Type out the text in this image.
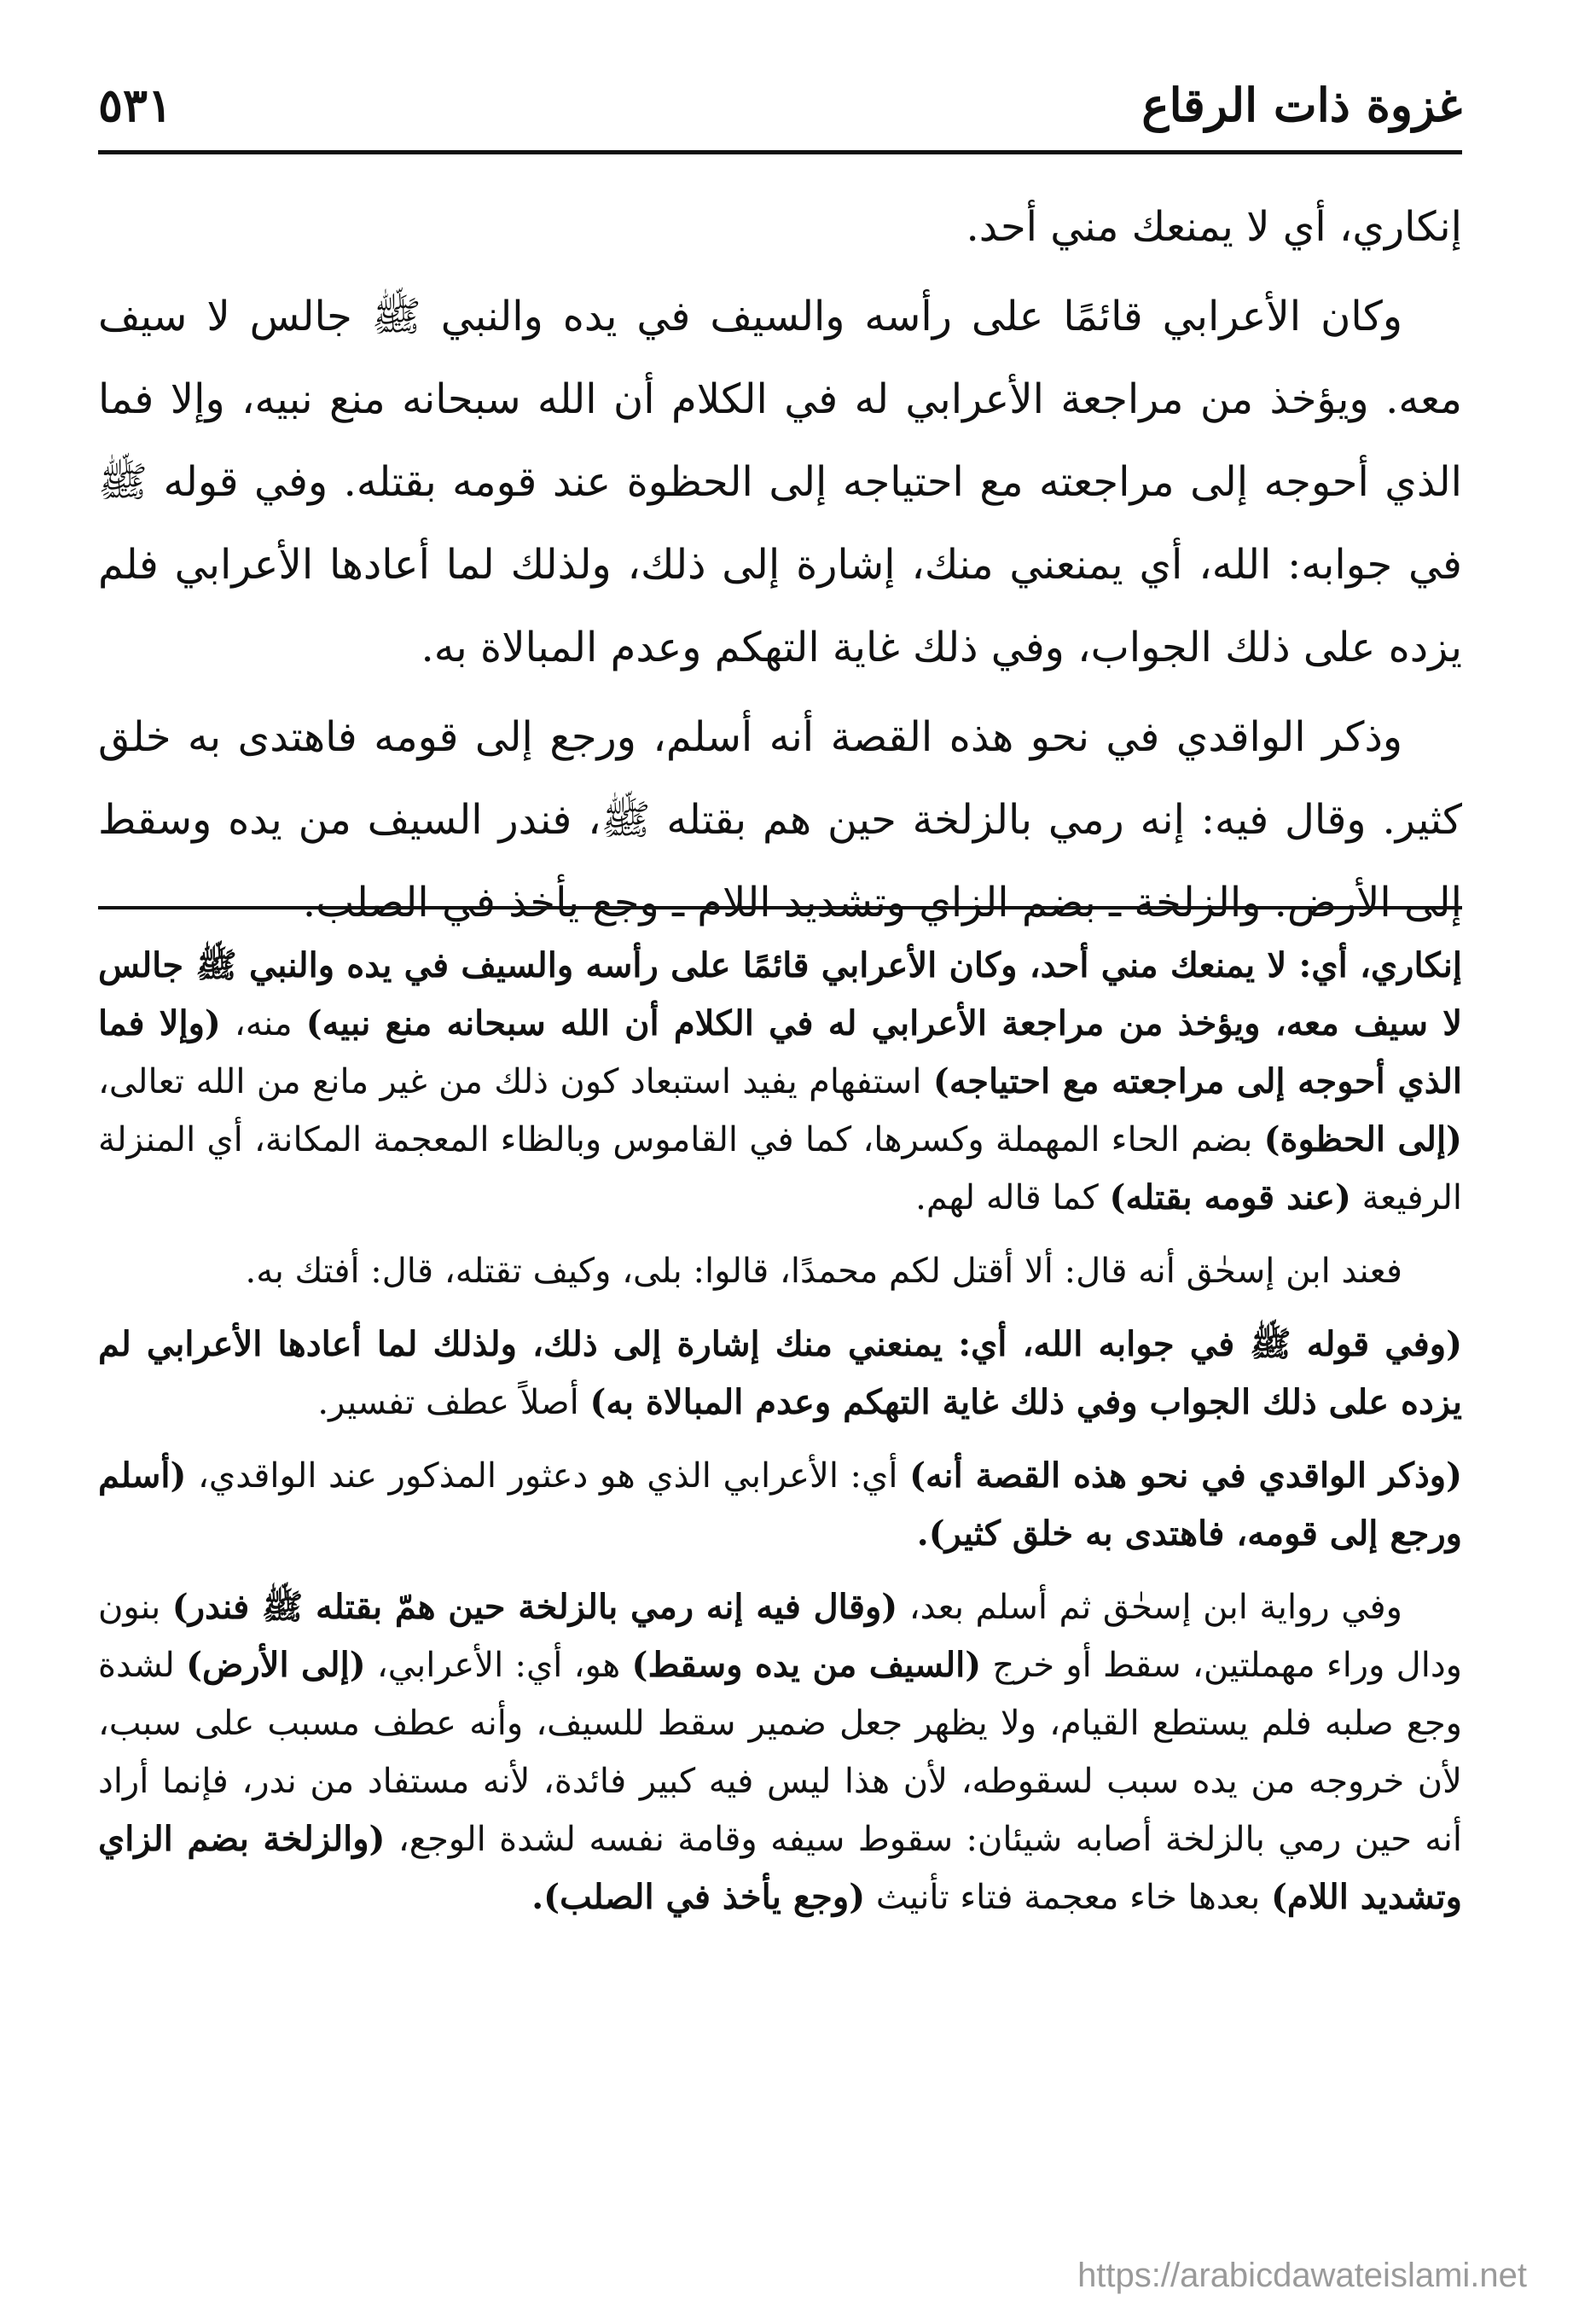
غزوة ذات الرقاع
٥٣١

إنكاري، أي لا يمنعك مني أحد.

وكان الأعرابي قائمًا على رأسه والسيف في يده والنبي ﷺ جالس لا سيف معه. ويؤخذ من مراجعة الأعرابي له في الكلام أن الله سبحانه منع نبيه، وإلا فما الذي أحوجه إلى مراجعته مع احتياجه إلى الحظوة عند قومه بقتله. وفي قوله ﷺ في جوابه: الله، أي يمنعني منك، إشارة إلى ذلك، ولذلك لما أعادها الأعرابي فلم يزده على ذلك الجواب، وفي ذلك غاية التهكم وعدم المبالاة به.

وذكر الواقدي في نحو هذه القصة أنه أسلم، ورجع إلى قومه فاهتدى به خلق كثير. وقال فيه: إنه رمي بالزلخة حين هم بقتله ﷺ، فندر السيف من يده وسقط إلى الأرض. والزلخة ـ بضم الزاي وتشديد اللام ـ وجع يأخذ في الصلب.

إنكاري، أي: لا يمنعك مني أحد، وكان الأعرابي قائمًا على رأسه والسيف في يده والنبي ﷺ جالس لا سيف معه، ويؤخذ من مراجعة الأعرابي له في الكلام أن الله سبحانه منع نبيه) منه، (وإلا فما الذي أحوجه إلى مراجعته مع احتياجه) استفهام يفيد استبعاد كون ذلك من غير مانع من الله تعالى، (إلى الحظوة) بضم الحاء المهملة وكسرها، كما في القاموس وبالظاء المعجمة المكانة، أي المنزلة الرفيعة (عند قومه بقتله) كما قاله لهم.

فعند ابن إسحٰق أنه قال: ألا أقتل لكم محمدًا، قالوا: بلى، وكيف تقتله، قال: أفتك به.

(وفي قوله ﷺ في جوابه الله، أي: يمنعني منك إشارة إلى ذلك، ولذلك لما أعادها الأعرابي لم يزده على ذلك الجواب وفي ذلك غاية التهكم وعدم المبالاة به) أصلاً عطف تفسير.

(وذكر الواقدي في نحو هذه القصة أنه) أي: الأعرابي الذي هو دعثور المذكور عند الواقدي، (أسلم ورجع إلى قومه، فاهتدى به خلق كثير).

وفي رواية ابن إسحٰق ثم أسلم بعد، (وقال فيه إنه رمي بالزلخة حين همّ بقتله ﷺ فندر) بنون ودال وراء مهملتين، سقط أو خرج (السيف من يده وسقط) هو، أي: الأعرابي، (إلى الأرض) لشدة وجع صلبه فلم يستطع القيام، ولا يظهر جعل ضمير سقط للسيف، وأنه عطف مسبب على سبب، لأن خروجه من يده سبب لسقوطه، لأن هذا ليس فيه كبير فائدة، لأنه مستفاد من ندر، فإنما أراد أنه حين رمي بالزلخة أصابه شيئان: سقوط سيفه وقامة نفسه لشدة الوجع، (والزلخة بضم الزاي وتشديد اللام) بعدها خاء معجمة فتاء تأنيث (وجع يأخذ في الصلب).

https://arabicdawateislami.net
